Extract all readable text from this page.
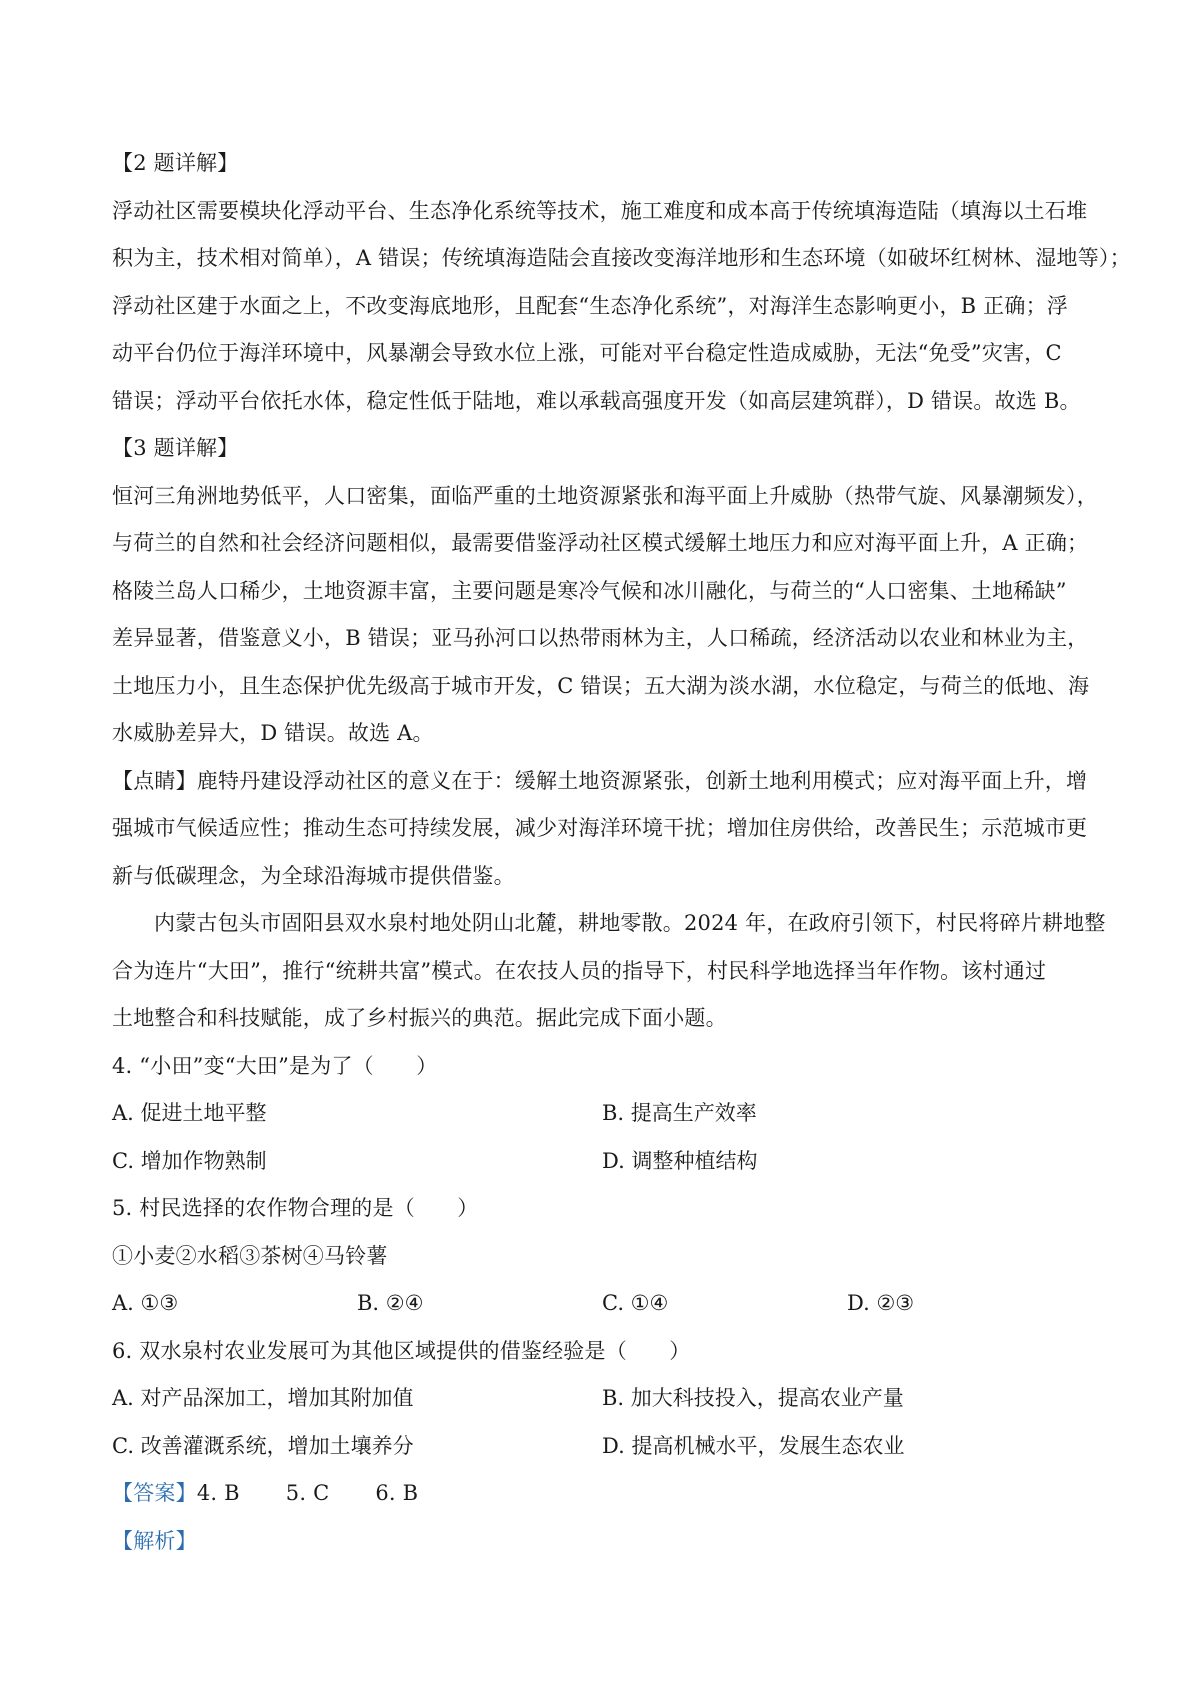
【2 题详解】
浮动社区需要模块化浮动平台、生态净化系统等技术，施工难度和成本高于传统填海造陆（填海以土石堆
积为主，技术相对简单），A 错误；传统填海造陆会直接改变海洋地形和生态环境（如破坏红树林、湿地等）；
浮动社区建于水面之上，不改变海底地形，且配套“生态净化系统”，对海洋生态影响更小，B 正确；浮
动平台仍位于海洋环境中，风暴潮会导致水位上涨，可能对平台稳定性造成威胁，无法“免受”灾害，C
错误；浮动平台依托水体，稳定性低于陆地，难以承载高强度开发（如高层建筑群），D 错误。故选 B。
【3 题详解】
恒河三角洲地势低平，人口密集，面临严重的土地资源紧张和海平面上升威胁（热带气旋、风暴潮频发），
与荷兰的自然和社会经济问题相似，最需要借鉴浮动社区模式缓解土地压力和应对海平面上升，A 正确；
格陵兰岛人口稀少，土地资源丰富，主要问题是寒冷气候和冰川融化，与荷兰的“人口密集、土地稀缺”
差异显著，借鉴意义小，B 错误；亚马孙河口以热带雨林为主，人口稀疏，经济活动以农业和林业为主，
土地压力小，且生态保护优先级高于城市开发，C 错误；五大湖为淡水湖，水位稳定，与荷兰的低地、海
水威胁差异大，D 错误。故选 A。
【点睛】鹿特丹建设浮动社区的意义在于：缓解土地资源紧张，创新土地利用模式；应对海平面上升，增
强城市气候适应性；推动生态可持续发展，减少对海洋环境干扰；增加住房供给，改善民生；示范城市更
新与低碳理念，为全球沿海城市提供借鉴。
内蒙古包头市固阳县双水泉村地处阴山北麓，耕地零散。2024 年，在政府引领下，村民将碎片耕地整
合为连片“大田”，推行“统耕共富”模式。在农技人员的指导下，村民科学地选择当年作物。该村通过
土地整合和科技赋能，成了乡村振兴的典范。据此完成下面小题。
4. “小田”变“大田”是为了（　　）
A. 促进土地平整	B. 提高生产效率
C. 增加作物熟制	D. 调整种植结构
5. 村民选择的农作物合理的是（　　）
①小麦②水稻③茶树④马铃薯
A. ①③	B. ②④	C. ①④	D. ②③
6. 双水泉村农业发展可为其他区域提供的借鉴经验是（　　）
A. 对产品深加工，增加其附加值	B. 加大科技投入，提高农业产量
C. 改善灌溉系统，增加土壤养分	D. 提高机械水平，发展生态农业
【答案】4. B 5. C 6. B
【解析】
